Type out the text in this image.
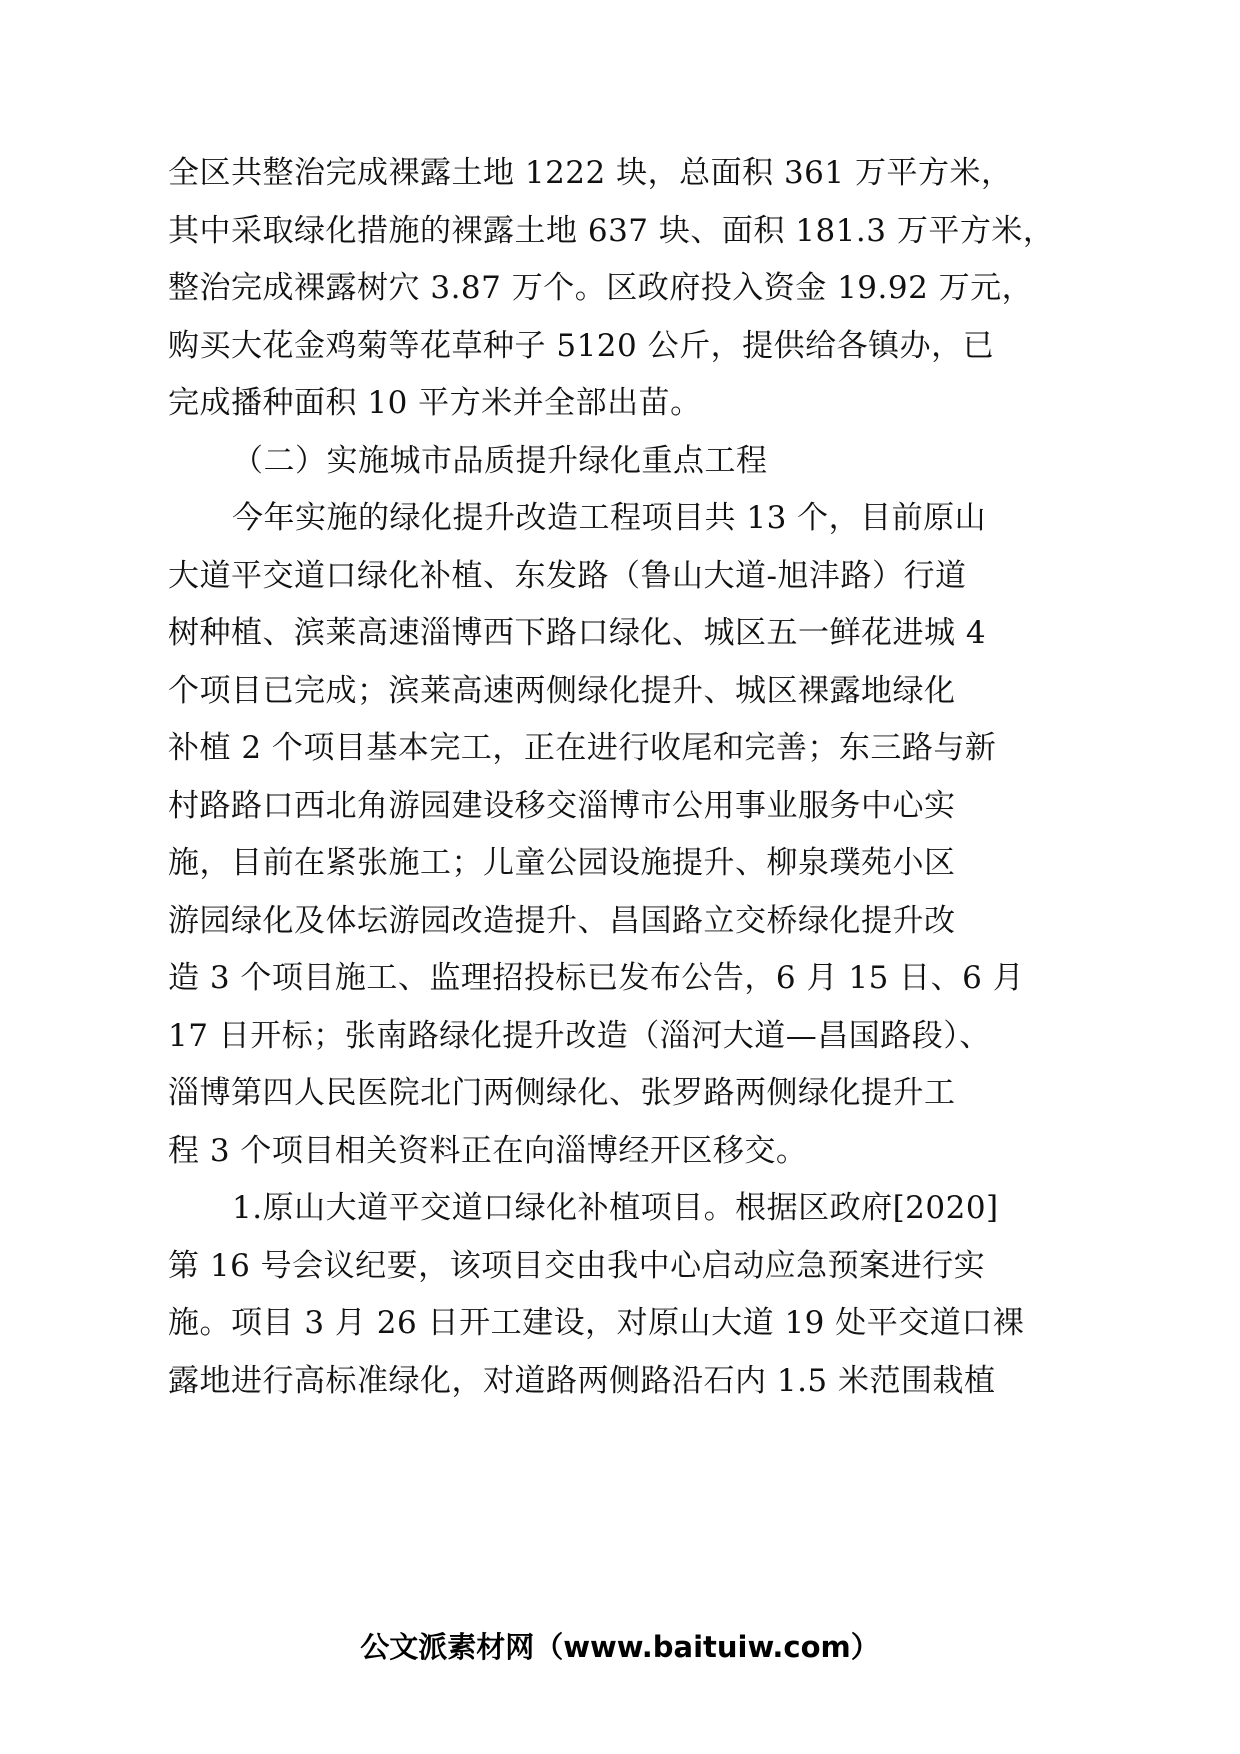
全区共整治完成裸露土地 1222 块，总面积 361 万平方米，
其中采取绿化措施的裸露土地 637 块、面积 181.3 万平方米，
整治完成裸露树穴 3.87 万个。区政府投入资金 19.92 万元，
购买大花金鸡菊等花草种子 5120 公斤，提供给各镇办，已
完成播种面积 10 平方米并全部出苗。
（二）实施城市品质提升绿化重点工程
今年实施的绿化提升改造工程项目共 13 个，目前原山
大道平交道口绿化补植、东发路（鲁山大道-旭沣路）行道
树种植、滨莱高速淄博西下路口绿化、城区五一鲜花进城 4
个项目已完成；滨莱高速两侧绿化提升、城区裸露地绿化
补植 2 个项目基本完工，正在进行收尾和完善；东三路与新
村路路口西北角游园建设移交淄博市公用事业服务中心实
施，目前在紧张施工；儿童公园设施提升、柳泉璞苑小区
游园绿化及体坛游园改造提升、昌国路立交桥绿化提升改
造 3 个项目施工、监理招投标已发布公告，6 月 15 日、6 月
17 日开标；张南路绿化提升改造（淄河大道—昌国路段）、
淄博第四人民医院北门两侧绿化、张罗路两侧绿化提升工
程 3 个项目相关资料正在向淄博经开区移交。
1.原山大道平交道口绿化补植项目。根据区政府[2020]
第 16 号会议纪要，该项目交由我中心启动应急预案进行实
施。项目 3 月 26 日开工建设，对原山大道 19 处平交道口裸
露地进行高标准绿化，对道路两侧路沿石内 1.5 米范围栽植
公文派素材网（www.baituiw.com）
